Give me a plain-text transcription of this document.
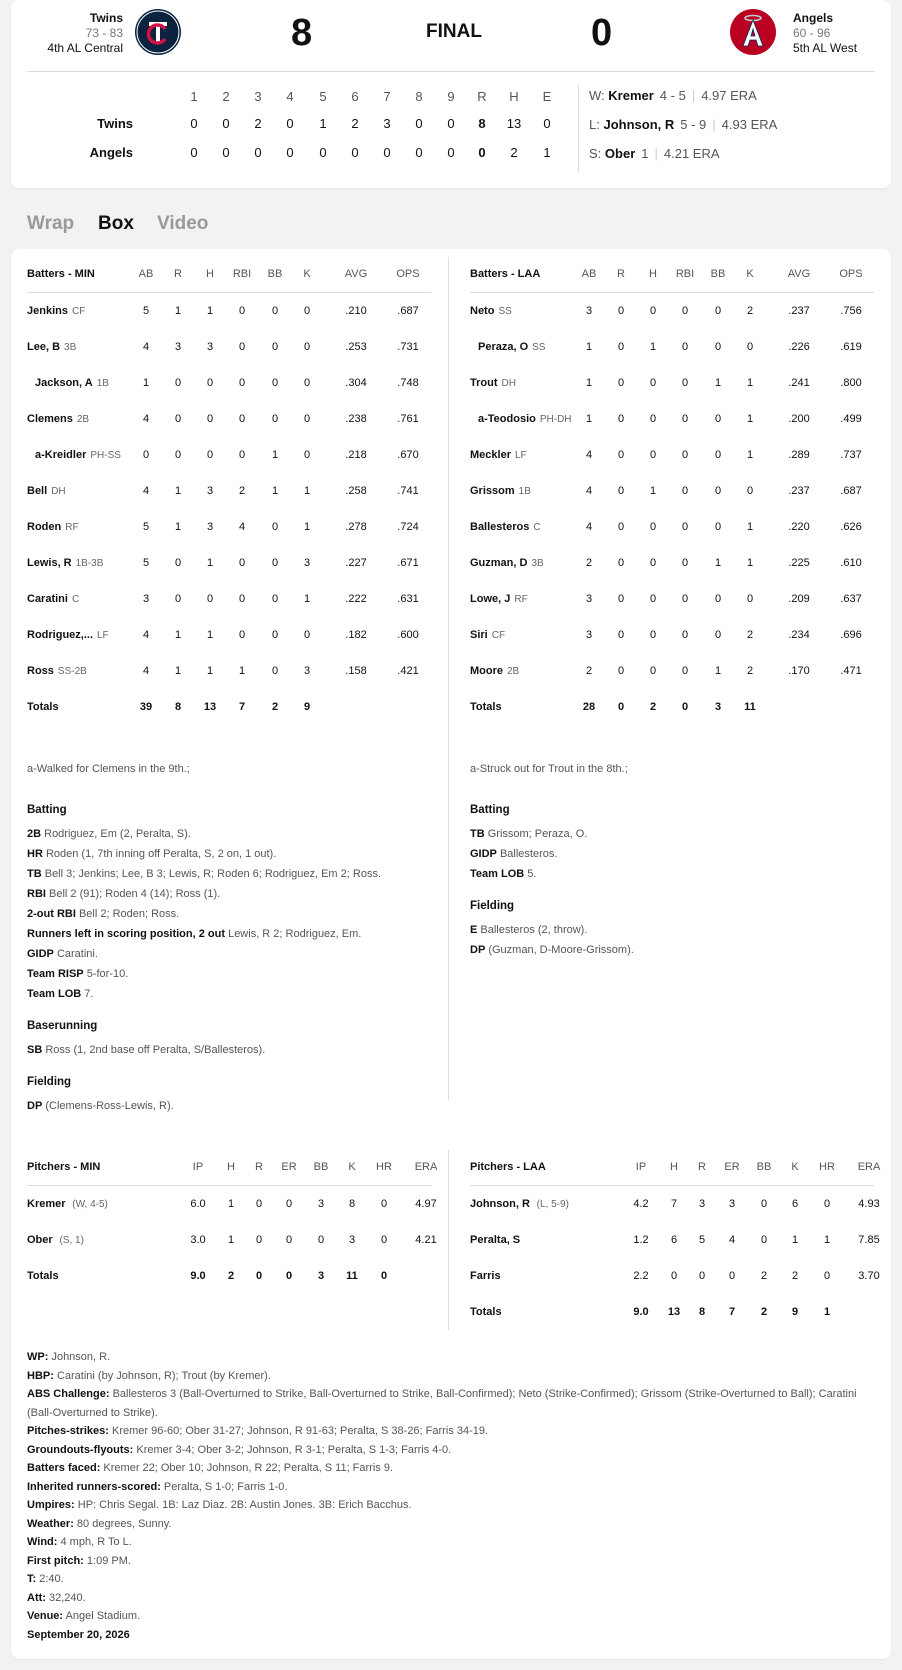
Twins
73 - 83
4th AL Central	8	FINAL	0	Angels
60 - 96
5th AL West
1	2	3	4	5	6	7	8	9	R	H	E
Twins	0	0	2	0	1	2	3	0	0	8	13	0
Angels	0	0	0	0	0	0	0	0	0	0	2	1
W: Kremer 4 - 5 | 4.97 ERA
L: Johnson, R 5 - 9 | 4.93 ERA
S: Ober 1 | 4.21 ERA
Wrap Box Video
Batters - MIN	AB	R	H	RBI	BB	K	AVG	OPS
Jenkins CF	5	1	1	0	0	0	.210	.687
Lee, B 3B	4	3	3	0	0	0	.253	.731
Jackson, A 1B	1	0	0	0	0	0	.304	.748
Clemens 2B	4	0	0	0	0	0	.238	.761
a-Kreidler PH-SS	0	0	0	0	1	0	.218	.670
Bell DH	4	1	3	2	1	1	.258	.741
Roden RF	5	1	3	4	0	1	.278	.724
Lewis, R 1B-3B	5	0	1	0	0	3	.227	.671
Caratini C	3	0	0	0	0	1	.222	.631
Rodriguez,... LF	4	1	1	0	0	0	.182	.600
Ross SS-2B	4	1	1	1	0	3	.158	.421
Totals	39	8	13	7	2	9
Batters - LAA	AB	R	H	RBI	BB	K	AVG	OPS
Neto SS	3	0	0	0	0	2	.237	.756
Peraza, O SS	1	0	1	0	0	0	.226	.619
Trout DH	1	0	0	0	1	1	.241	.800
a-Teodosio PH-DH	1	0	0	0	0	1	.200	.499
Meckler LF	4	0	0	0	0	1	.289	.737
Grissom 1B	4	0	1	0	0	0	.237	.687
Ballesteros C	4	0	0	0	0	1	.220	.626
Guzman, D 3B	2	0	0	0	1	1	.225	.610
Lowe, J RF	3	0	0	0	0	0	.209	.637
Siri CF	3	0	0	0	0	2	.234	.696
Moore 2B	2	0	0	0	1	2	.170	.471
Totals	28	0	2	0	3	11
a-Walked for Clemens in the 9th.;
Batting
2B Rodriguez, Em (2, Peralta, S).
HR Roden (1, 7th inning off Peralta, S, 2 on, 1 out).
TB Bell 3; Jenkins; Lee, B 3; Lewis, R; Roden 6; Rodriguez, Em 2; Ross.
RBI Bell 2 (91); Roden 4 (14); Ross (1).
2-out RBI Bell 2; Roden; Ross.
Runners left in scoring position, 2 out Lewis, R 2; Rodriguez, Em.
GIDP Caratini.
Team RISP 5-for-10.
Team LOB 7.
Baserunning
SB Ross (1, 2nd base off Peralta, S/Ballesteros).
Fielding
DP (Clemens-Ross-Lewis, R).
a-Struck out for Trout in the 8th.;
Batting
TB Grissom; Peraza, O.
GIDP Ballesteros.
Team LOB 5.
Fielding
E Ballesteros (2, throw).
DP (Guzman, D-Moore-Grissom).
Pitchers - MIN	IP	H	R	ER	BB	K	HR	ERA
Kremer (W, 4-5)	6.0	1	0	0	3	8	0	4.97
Ober (S, 1)	3.0	1	0	0	0	3	0	4.21
Totals	9.0	2	0	0	3	11	0
Pitchers - LAA	IP	H	R	ER	BB	K	HR	ERA
Johnson, R (L, 5-9)	4.2	7	3	3	0	6	0	4.93
Peralta, S	1.2	6	5	4	0	1	1	7.85
Farris	2.2	0	0	0	2	2	0	3.70
Totals	9.0	13	8	7	2	9	1
WP: Johnson, R.
HBP: Caratini (by Johnson, R); Trout (by Kremer).
ABS Challenge: Ballesteros 3 (Ball-Overturned to Strike, Ball-Overturned to Strike, Ball-Confirmed); Neto (Strike-Confirmed); Grissom (Strike-Overturned to Ball); Caratini (Ball-Overturned to Strike).
Pitches-strikes: Kremer 96-60; Ober 31-27; Johnson, R 91-63; Peralta, S 38-26; Farris 34-19.
Groundouts-flyouts: Kremer 3-4; Ober 3-2; Johnson, R 3-1; Peralta, S 1-3; Farris 4-0.
Batters faced: Kremer 22; Ober 10; Johnson, R 22; Peralta, S 11; Farris 9.
Inherited runners-scored: Peralta, S 1-0; Farris 1-0.
Umpires: HP: Chris Segal. 1B: Laz Diaz. 2B: Austin Jones. 3B: Erich Bacchus.
Weather: 80 degrees, Sunny.
Wind: 4 mph, R To L.
First pitch: 1:09 PM.
T: 2:40.
Att: 32,240.
Venue: Angel Stadium.
September 20, 2026
